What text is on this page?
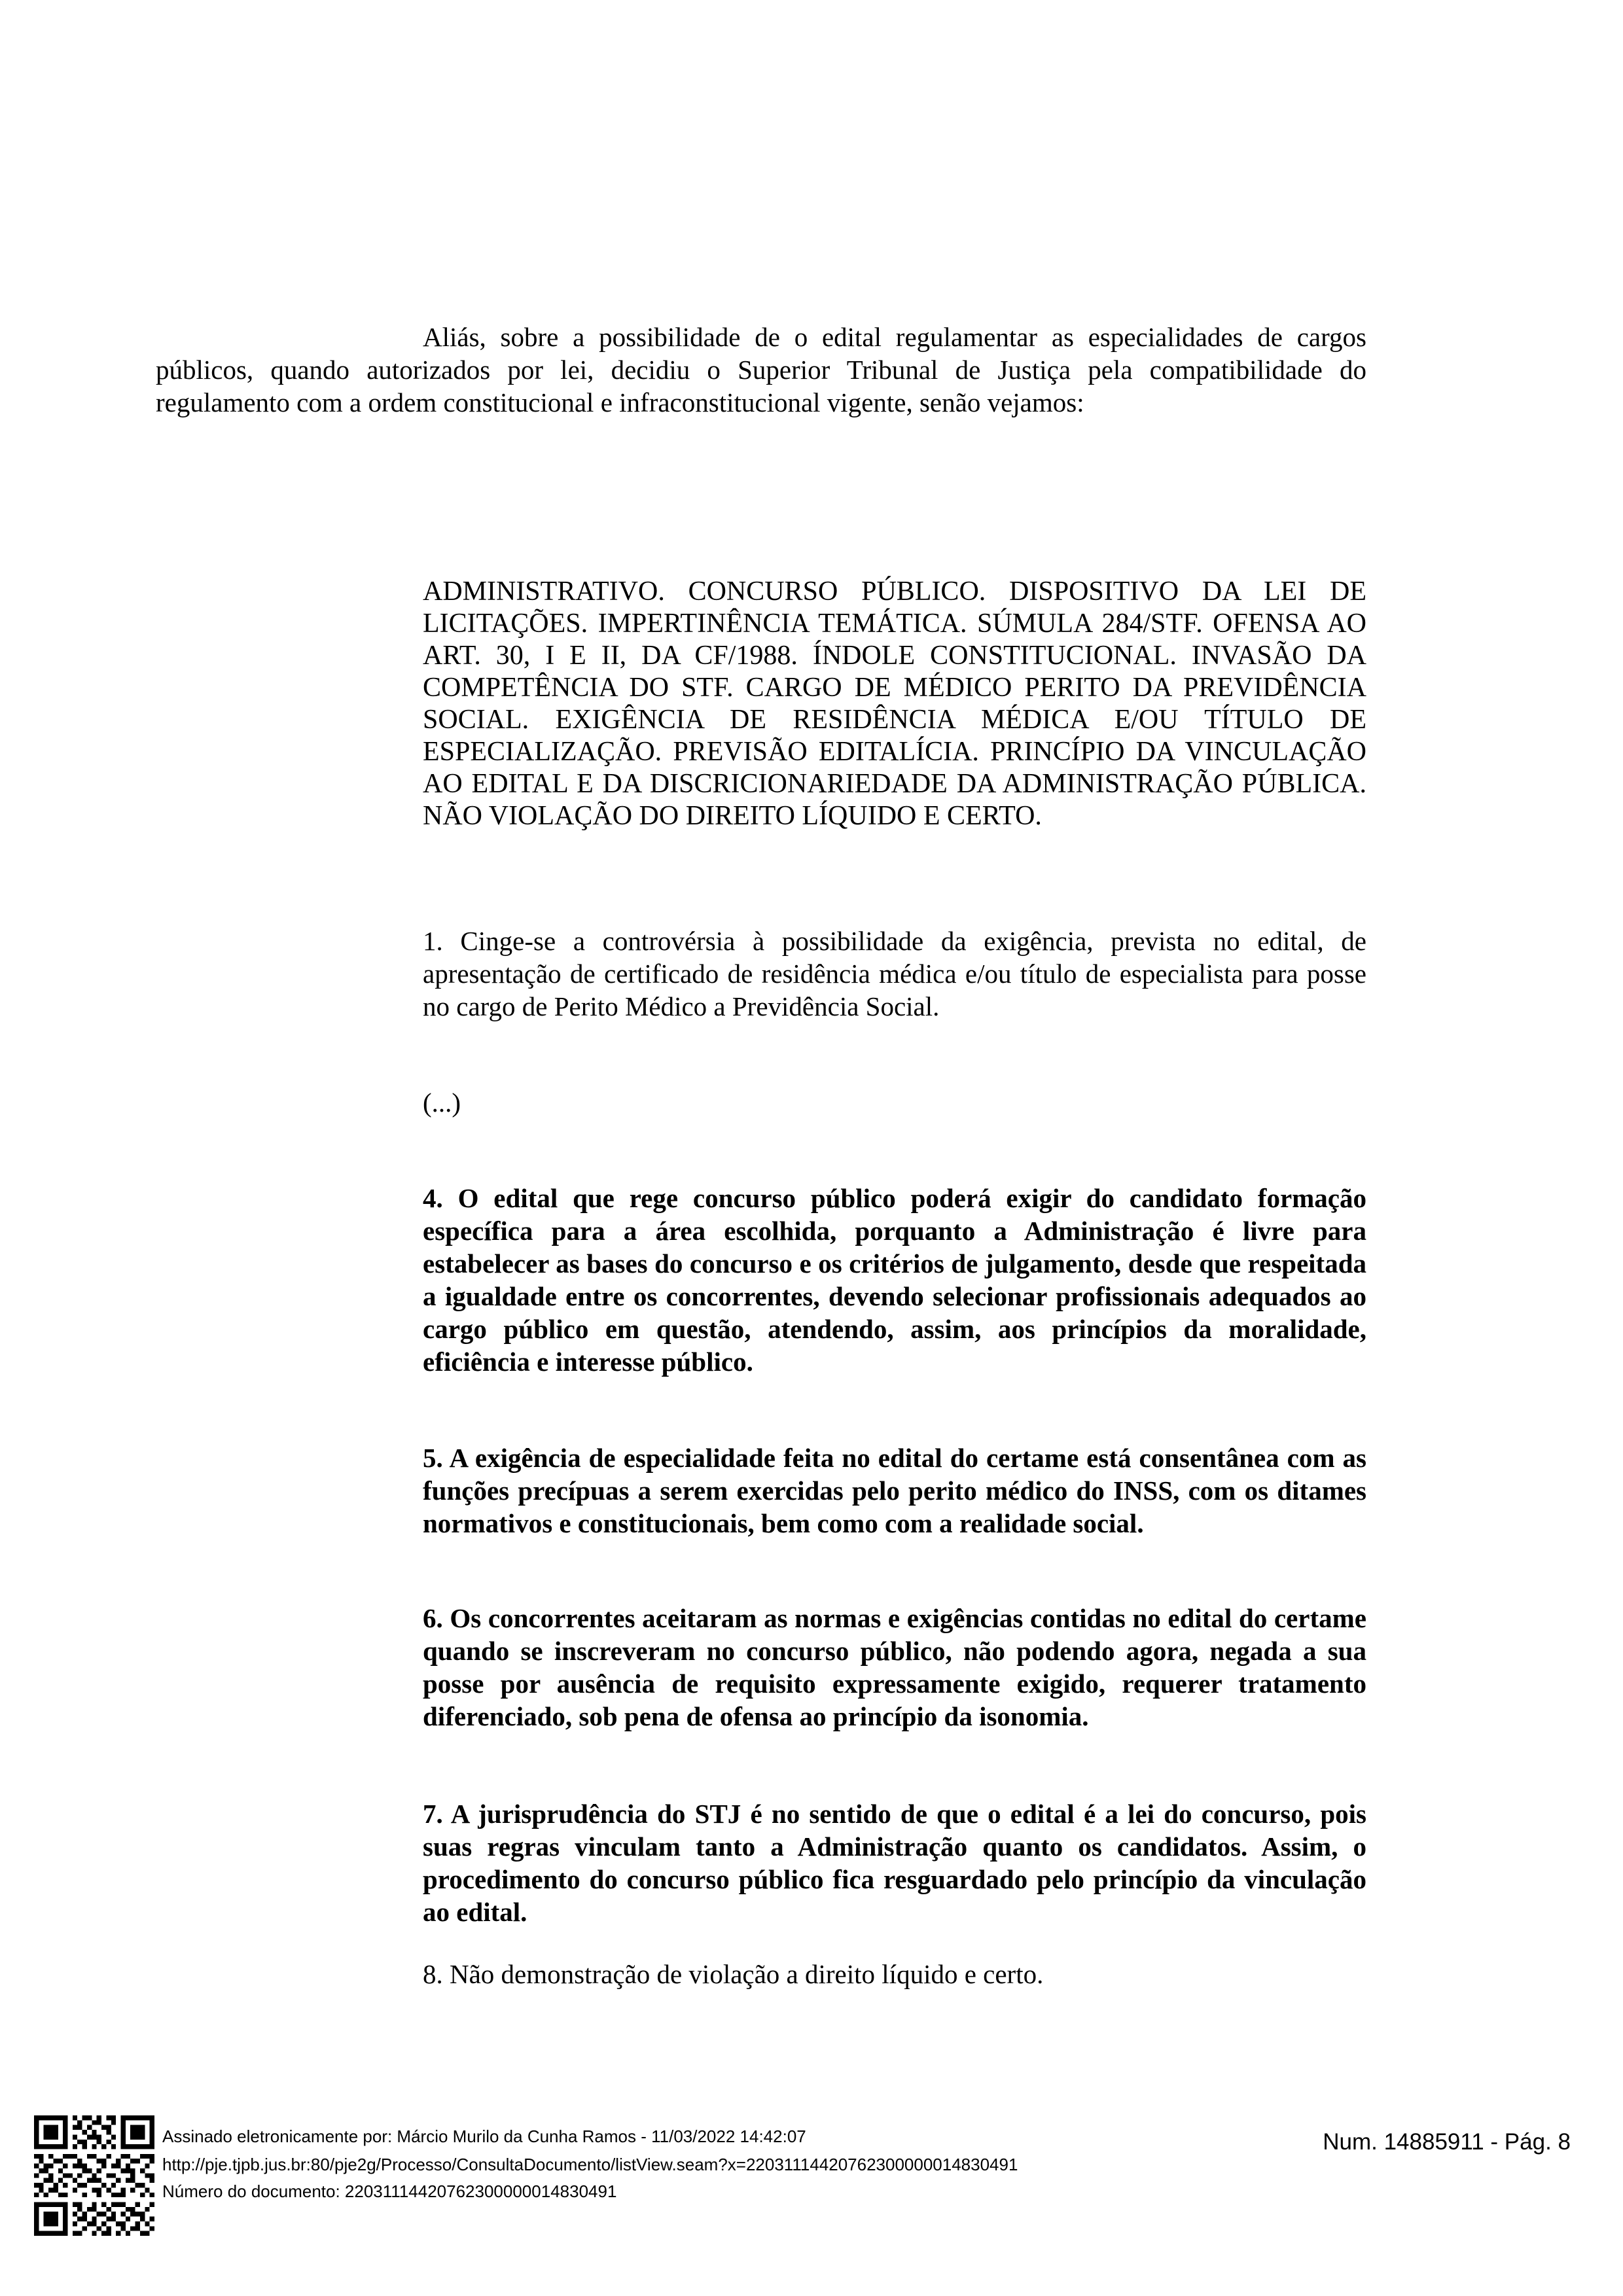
Aliás, sobre a possibilidade de o edital regulamentar as especialidades de cargos públicos, quando autorizados por lei, decidiu o Superior Tribunal de Justiça pela compatibilidade do regulamento com a ordem constitucional e infraconstitucional vigente, senão vejamos:

ADMINISTRATIVO. CONCURSO PÚBLICO. DISPOSITIVO DA LEI DE LICITAÇÕES. IMPERTINÊNCIA TEMÁTICA. SÚMULA 284/STF. OFENSA AO ART. 30, I E II, DA CF/1988. ÍNDOLE CONSTITUCIONAL. INVASÃO DA COMPETÊNCIA DO STF. CARGO DE MÉDICO PERITO DA PREVIDÊNCIA SOCIAL. EXIGÊNCIA DE RESIDÊNCIA MÉDICA E/OU TÍTULO DE ESPECIALIZAÇÃO. PREVISÃO EDITALÍCIA. PRINCÍPIO DA VINCULAÇÃO AO EDITAL E DA DISCRICIONARIEDADE DA ADMINISTRAÇÃO PÚBLICA. NÃO VIOLAÇÃO DO DIREITO LÍQUIDO E CERTO.

1. Cinge-se a controvérsia à possibilidade da exigência, prevista no edital, de apresentação de certificado de residência médica e/ou título de especialista para posse no cargo de Perito Médico a Previdência Social.

(...)

4. O edital que rege concurso público poderá exigir do candidato formação específica para a área escolhida, porquanto a Administração é livre para estabelecer as bases do concurso e os critérios de julgamento, desde que respeitada a igualdade entre os concorrentes, devendo selecionar profissionais adequados ao cargo público em questão, atendendo, assim, aos princípios da moralidade, eficiência e interesse público.

5. A exigência de especialidade feita no edital do certame está consentânea com as funções precípuas a serem exercidas pelo perito médico do INSS, com os ditames normativos e constitucionais, bem como com a realidade social.

6. Os concorrentes aceitaram as normas e exigências contidas no edital do certame quando se inscreveram no concurso público, não podendo agora, negada a sua posse por ausência de requisito expressamente exigido, requerer tratamento diferenciado, sob pena de ofensa ao princípio da isonomia.

7. A jurisprudência do STJ é no sentido de que o edital é a lei do concurso, pois suas regras vinculam tanto a Administração quanto os candidatos. Assim, o procedimento do concurso público fica resguardado pelo princípio da vinculação ao edital.

8. Não demonstração de violação a direito líquido e certo.

Assinado eletronicamente por: Márcio Murilo da Cunha Ramos - 11/03/2022 14:42:07

http://pje.tjpb.jus.br:80/pje2g/Processo/ConsultaDocumento/listView.seam?x=22031114420762300000014830491

Número do documento: 22031114420762300000014830491

Num. 14885911 - Pág. 8
